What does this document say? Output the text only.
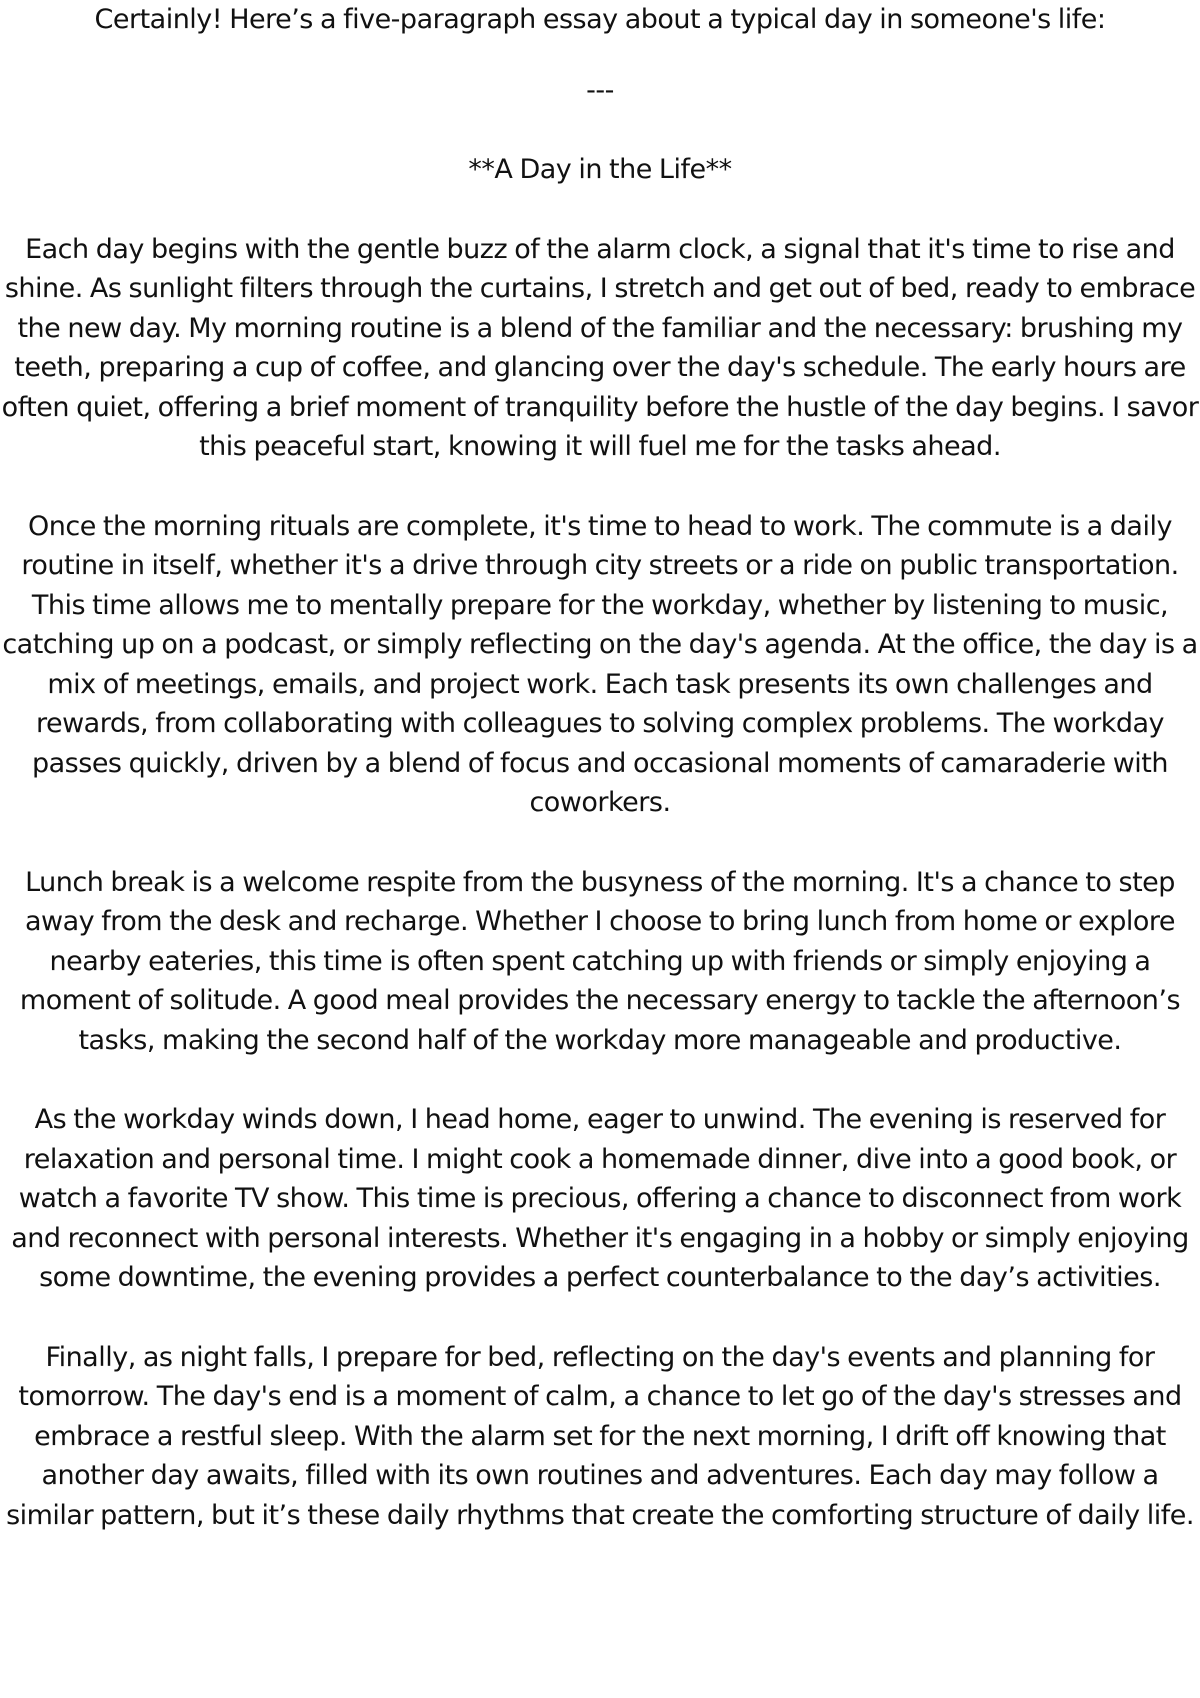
Certainly! Here’s a five-paragraph essay about a typical day in someone's life:

---

**A Day in the Life**

Each day begins with the gentle buzz of the alarm clock, a signal that it's time to rise and shine. As sunlight filters through the curtains, I stretch and get out of bed, ready to embrace the new day. My morning routine is a blend of the familiar and the necessary: brushing my teeth, preparing a cup of coffee, and glancing over the day's schedule. The early hours are often quiet, offering a brief moment of tranquility before the hustle of the day begins. I savor this peaceful start, knowing it will fuel me for the tasks ahead.

Once the morning rituals are complete, it's time to head to work. The commute is a daily routine in itself, whether it's a drive through city streets or a ride on public transportation. This time allows me to mentally prepare for the workday, whether by listening to music, catching up on a podcast, or simply reflecting on the day's agenda. At the office, the day is a mix of meetings, emails, and project work. Each task presents its own challenges and rewards, from collaborating with colleagues to solving complex problems. The workday passes quickly, driven by a blend of focus and occasional moments of camaraderie with coworkers.

Lunch break is a welcome respite from the busyness of the morning. It's a chance to step away from the desk and recharge. Whether I choose to bring lunch from home or explore nearby eateries, this time is often spent catching up with friends or simply enjoying a moment of solitude. A good meal provides the necessary energy to tackle the afternoon’s tasks, making the second half of the workday more manageable and productive.

As the workday winds down, I head home, eager to unwind. The evening is reserved for relaxation and personal time. I might cook a homemade dinner, dive into a good book, or watch a favorite TV show. This time is precious, offering a chance to disconnect from work and reconnect with personal interests. Whether it's engaging in a hobby or simply enjoying some downtime, the evening provides a perfect counterbalance to the day’s activities.

Finally, as night falls, I prepare for bed, reflecting on the day's events and planning for tomorrow. The day's end is a moment of calm, a chance to let go of the day's stresses and embrace a restful sleep. With the alarm set for the next morning, I drift off knowing that another day awaits, filled with its own routines and adventures. Each day may follow a similar pattern, but it’s these daily rhythms that create the comforting structure of daily life.
